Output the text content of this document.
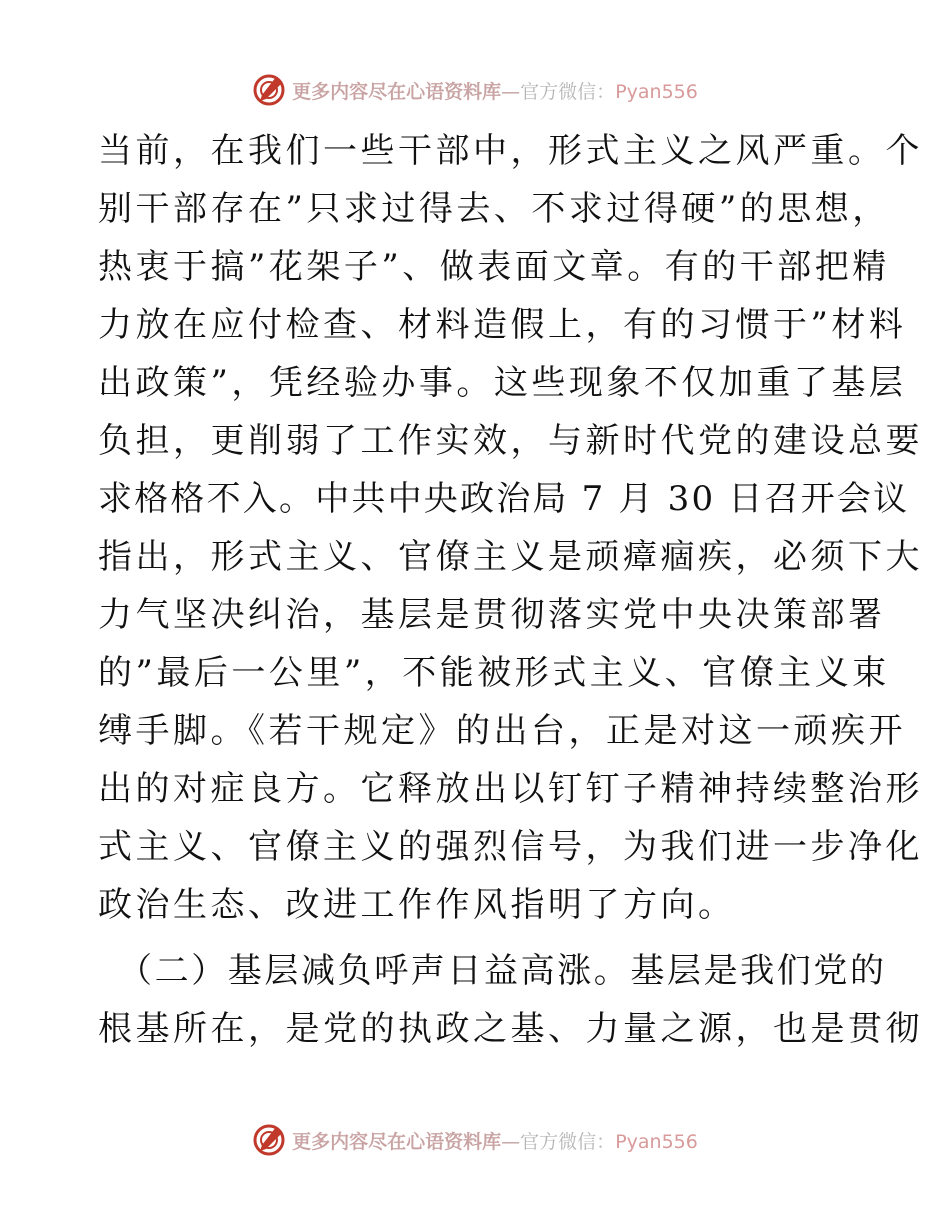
更多内容尽在心语资料库—官方微信：Pyan556
当前，在我们一些干部中，形式主义之风严重。个
别干部存在”只求过得去、不求过得硬”的思想，
热衷于搞”花架子”、做表面文章。有的干部把精
力放在应付检查、材料造假上，有的习惯于”材料
出政策”，凭经验办事。这些现象不仅加重了基层
负担，更削弱了工作实效，与新时代党的建设总要
求格格不入。中共中央政治局 7 月 30 日召开会议
指出，形式主义、官僚主义是顽瘴痼疾，必须下大
力气坚决纠治，基层是贯彻落实党中央决策部署
的”最后一公里”，不能被形式主义、官僚主义束
缚手脚。《若干规定》的出台，正是对这一顽疾开
出的对症良方。它释放出以钉钉子精神持续整治形
式主义、官僚主义的强烈信号，为我们进一步净化
政治生态、改进工作作风指明了方向。
（二）基层减负呼声日益高涨。基层是我们党的
根基所在，是党的执政之基、力量之源，也是贯彻
更多内容尽在心语资料库—官方微信：Pyan556
